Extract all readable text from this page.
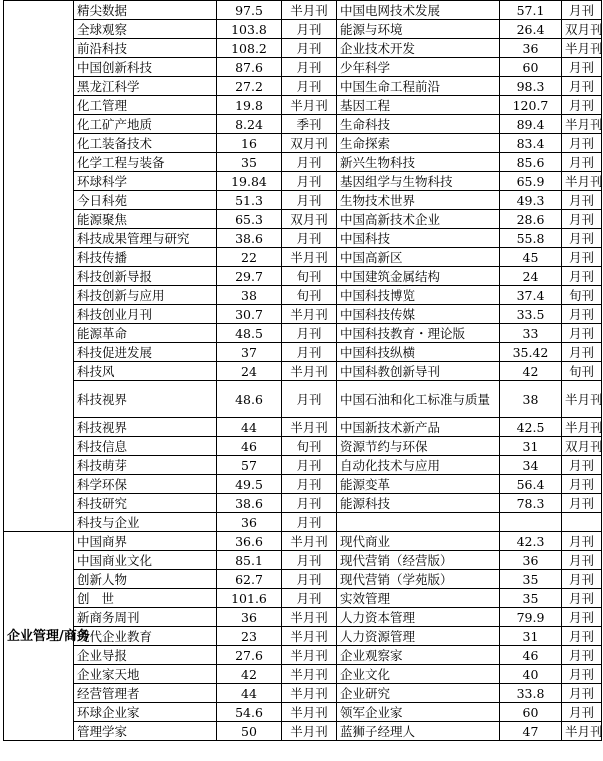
	精尖数据	97.5	半月刊	中国电网技术发展	57.1	月刊
	全球观察	103.8	月刊	能源与环境	26.4	双月刊
	前沿科技	108.2	月刊	企业技术开发	36	半月刊
	中国创新科技	87.6	月刊	少年科学	60	月刊
	黑龙江科学	27.2	月刊	中国生命工程前沿	98.3	月刊
	化工管理	19.8	半月刊	基因工程	120.7	月刊
	化工矿产地质	8.24	季刊	生命科技	89.4	半月刊
	化工装备技术	16	双月刊	生命探索	83.4	月刊
	化学工程与装备	35	月刊	新兴生物科技	85.6	月刊
	环球科学	19.84	月刊	基因组学与生物科技	65.9	半月刊
	今日科苑	51.3	月刊	生物技术世界	49.3	月刊
	能源聚焦	65.3	双月刊	中国高新技术企业	28.6	月刊
	科技成果管理与研究	38.6	月刊	中国科技	55.8	月刊
	科技传播	22	半月刊	中国高新区	45	月刊
	科技创新导报	29.7	旬刊	中国建筑金属结构	24	月刊
	科技创新与应用	38	旬刊	中国科技博览	37.4	旬刊
	科技创业月刊	30.7	半月刊	中国科技传媒	33.5	月刊
	能源革命	48.5	月刊	中国科技教育・理论版	33	月刊
	科技促进发展	37	月刊	中国科技纵横	35.42	月刊
	科技风	24	半月刊	中国科教创新导刊	42	旬刊
	科技视界	48.6	月刊	中国石油和化工标准与质量	38	半月刊
	科技视界	44	半月刊	中国新技术新产品	42.5	半月刊
	科技信息	46	旬刊	资源节约与环保	31	双月刊
	科技萌芽	57	月刊	自动化技术与应用	34	月刊
	科学环保	49.5	月刊	能源变革	56.4	月刊
	科技研究	38.6	月刊	能源科技	78.3	月刊
	科技与企业	36	月刊			
企业管理/商务	中国商界	36.6	半月刊	现代商业	42.3	月刊
	中国商业文化	85.1	月刊	现代营销（经营版）	36	月刊
	创新人物	62.7	月刊	现代营销（学苑版）	35	月刊
	创世	101.6	月刊	实效管理	35	月刊
	新商务周刊	36	半月刊	人力资本管理	79.9	月刊
	现代企业教育	23	半月刊	人力资源管理	31	月刊
	企业导报	27.6	半月刊	企业观察家	46	月刊
	企业家天地	42	半月刊	企业文化	40	月刊
	经营管理者	44	半月刊	企业研究	33.8	月刊
	环球企业家	54.6	半月刊	领军企业家	60	月刊
	管理学家	50	半月刊	蓝狮子经理人	47	半月刊
